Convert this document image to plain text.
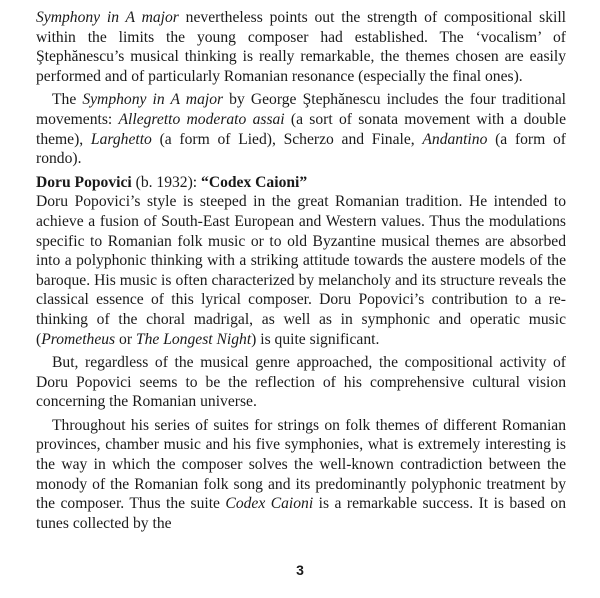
Symphony in A major nevertheless points out the strength of compositional skill within the limits the young composer had established. The ‘vocalism’ of Ştephănescu’s musical thinking is really remarkable, the themes chosen are easily performed and of particularly Romanian resonance (especially the final ones).

The Symphony in A major by George Ştephănescu includes the four traditional movements: Allegretto moderato assai (a sort of sonata movement with a double theme), Larghetto (a form of Lied), Scherzo and Finale, Andantino (a form of rondo).

Doru Popovici (b. 1932): “Codex Caioni”

Doru Popovici’s style is steeped in the great Romanian tradition. He intended to achieve a fusion of South-East European and Western values. Thus the modulations specific to Romanian folk music or to old Byzantine musical themes are absorbed into a polyphonic thinking with a striking attitude towards the austere models of the baroque. His music is often characterized by melancholy and its structure reveals the classical essence of this lyrical composer. Doru Popovici’s contribution to a re-thinking of the choral madrigal, as well as in symphonic and operatic music (Prometheus or The Longest Night) is quite significant.

But, regardless of the musical genre approached, the compositional activity of Doru Popovici seems to be the reflection of his comprehensive cultural vision concerning the Romanian universe.

Throughout his series of suites for strings on folk themes of different Romanian provinces, chamber music and his five symphonies, what is extremely interesting is the way in which the composer solves the well-known contradiction between the monody of the Romanian folk song and its predominantly polyphonic treatment by the composer. Thus the suite Codex Caioni is a remarkable success. It is based on tunes collected by the

3
